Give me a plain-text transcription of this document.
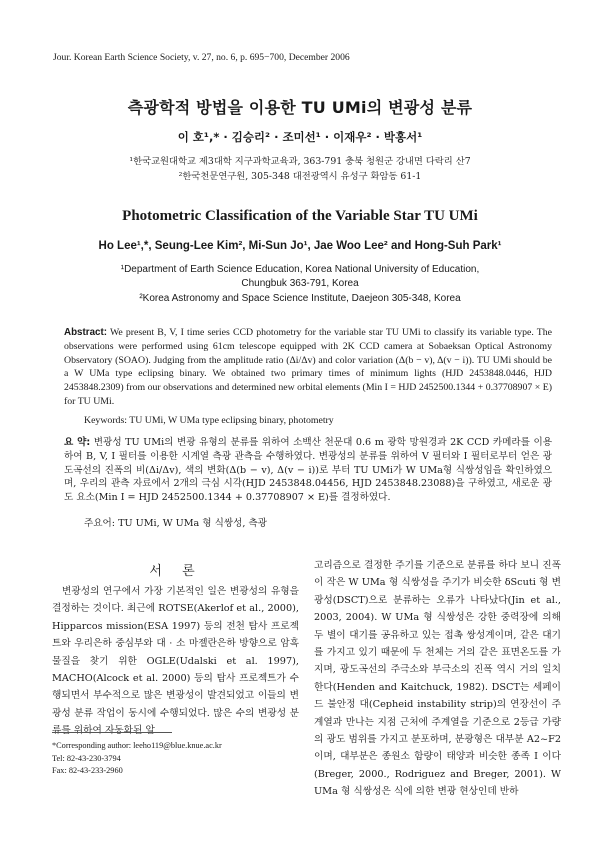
Jour. Korean Earth Science Society, v. 27, no. 6, p. 695−700, December 2006
측광학적 방법을 이용한 TU UMi의 변광성 분류
이 호¹,* · 김승리² · 조미선¹ · 이재우² · 박홍서¹
¹한국교원대학교 제3대학 지구과학교육과, 363-791 충북 청원군 강내면 다락리 산7
²한국천문연구원, 305-348 대전광역시 유성구 화암동 61-1
Photometric Classification of the Variable Star TU UMi
Ho Lee¹,*, Seung-Lee Kim², Mi-Sun Jo¹, Jae Woo Lee² and Hong-Suh Park¹
¹Department of Earth Science Education, Korea National University of Education,
Chungbuk 363-791, Korea
²Korea Astronomy and Space Science Institute, Daejeon 305-348, Korea
Abstract: We present B, V, I time series CCD photometry for the variable star TU UMi to classify its variable type. The observations were performed using 61cm telescope equipped with 2K CCD camera at Sobaeksan Optical Astronomy Observatory (SOAO). Judging from the amplitude ratio (Δi/Δv) and color variation (Δ(b − v), Δ(v − i)). TU UMi should be a W UMa type eclipsing binary. We obtained two primary times of minimum lights (HJD 2453848.0446, HJD 2453848.2309) from our observations and determined new orbital elements (Min I = HJD 2452500.1344 + 0.37708907 × E) for TU UMi.
Keywords: TU UMi, W UMa type eclipsing binary, photometry
요 약: 변광성 TU UMi의 변광 유형의 분류를 위하여 소백산 천문대 0.6 m 광학 망원경과 2K CCD 카메라를 이용하여 B, V, I 필터를 이용한 시계열 측광 관측을 수행하였다. 변광성의 분류를 위하여 V 필터와 I 필터로부터 얻은 광도곡선의 진폭의 비(Δi/Δv), 색의 변화(Δ(b − v), Δ(v − i))로 부터 TU UMi가 W UMa형 식쌍성임을 확인하였으며, 우리의 관측 자료에서 2개의 극심 시각(HJD 2453848.04456, HJD 2453848.23088)을 구하였고, 새로운 광도 요소(Min I = HJD 2452500.1344 + 0.37708907 × E)를 결정하였다.
주요어: TU UMi, W UMa 형 식쌍성, 측광
서 론
변광성의 연구에서 가장 기본적인 일은 변광성의 유형을 결정하는 것이다. 최근에 ROTSE(Akerlof et al., 2000), Hipparcos mission(ESA 1997) 등의 전천 탐사 프로젝트와 우리은하 중심부와 대 · 소 마젤란은하 방향으로 암흑물질을 찾기 위한 OGLE(Udalski et al. 1997), MACHO(Alcock et al. 2000) 등의 탐사 프로젝트가 수행되면서 부수적으로 많은 변광성이 발견되었고 이들의 변광성 분류 작업이 동시에 수행되었다. 많은 수의 변광성 분류를 위하여 자동화된 알
고리즘으로 결정한 주기를 기준으로 분류를 하다 보니 진폭이 작은 W UMa 형 식쌍성을 주기가 비슷한 δScuti 형 변광성(DSCT)으로 분류하는 오류가 나타났다(Jin et al., 2003, 2004). W UMa 형 식쌍성은 강한 중력장에 의해 두 별이 대기를 공유하고 있는 접촉 쌍성계이며, 같은 대기를 가지고 있기 때문에 두 천체는 거의 같은 표면온도를 가지며, 광도곡선의 주극소와 부극소의 진폭 역시 거의 일치한다(Henden and Kaitchuck, 1982). DSCT는 세페이드 불안정 대(Cepheid instability strip)의 연장선이 주계열과 만나는 지점 근처에 주계열을 기준으로 2등급 가량의 광도 범위를 가지고 분포하며, 분광형은 대부분 A2~F2이며, 대부분은 종원소 함량이 태양과 비슷한 종족 I 이다(Breger, 2000., Rodriguez and Breger, 2001). W UMa 형 식쌍성은 식에 의한 변광 현상인데 반하
*Corresponding author: leeho119@blue.knue.ac.kr
Tel: 82-43-230-3794
Fax: 82-43-233-2960
